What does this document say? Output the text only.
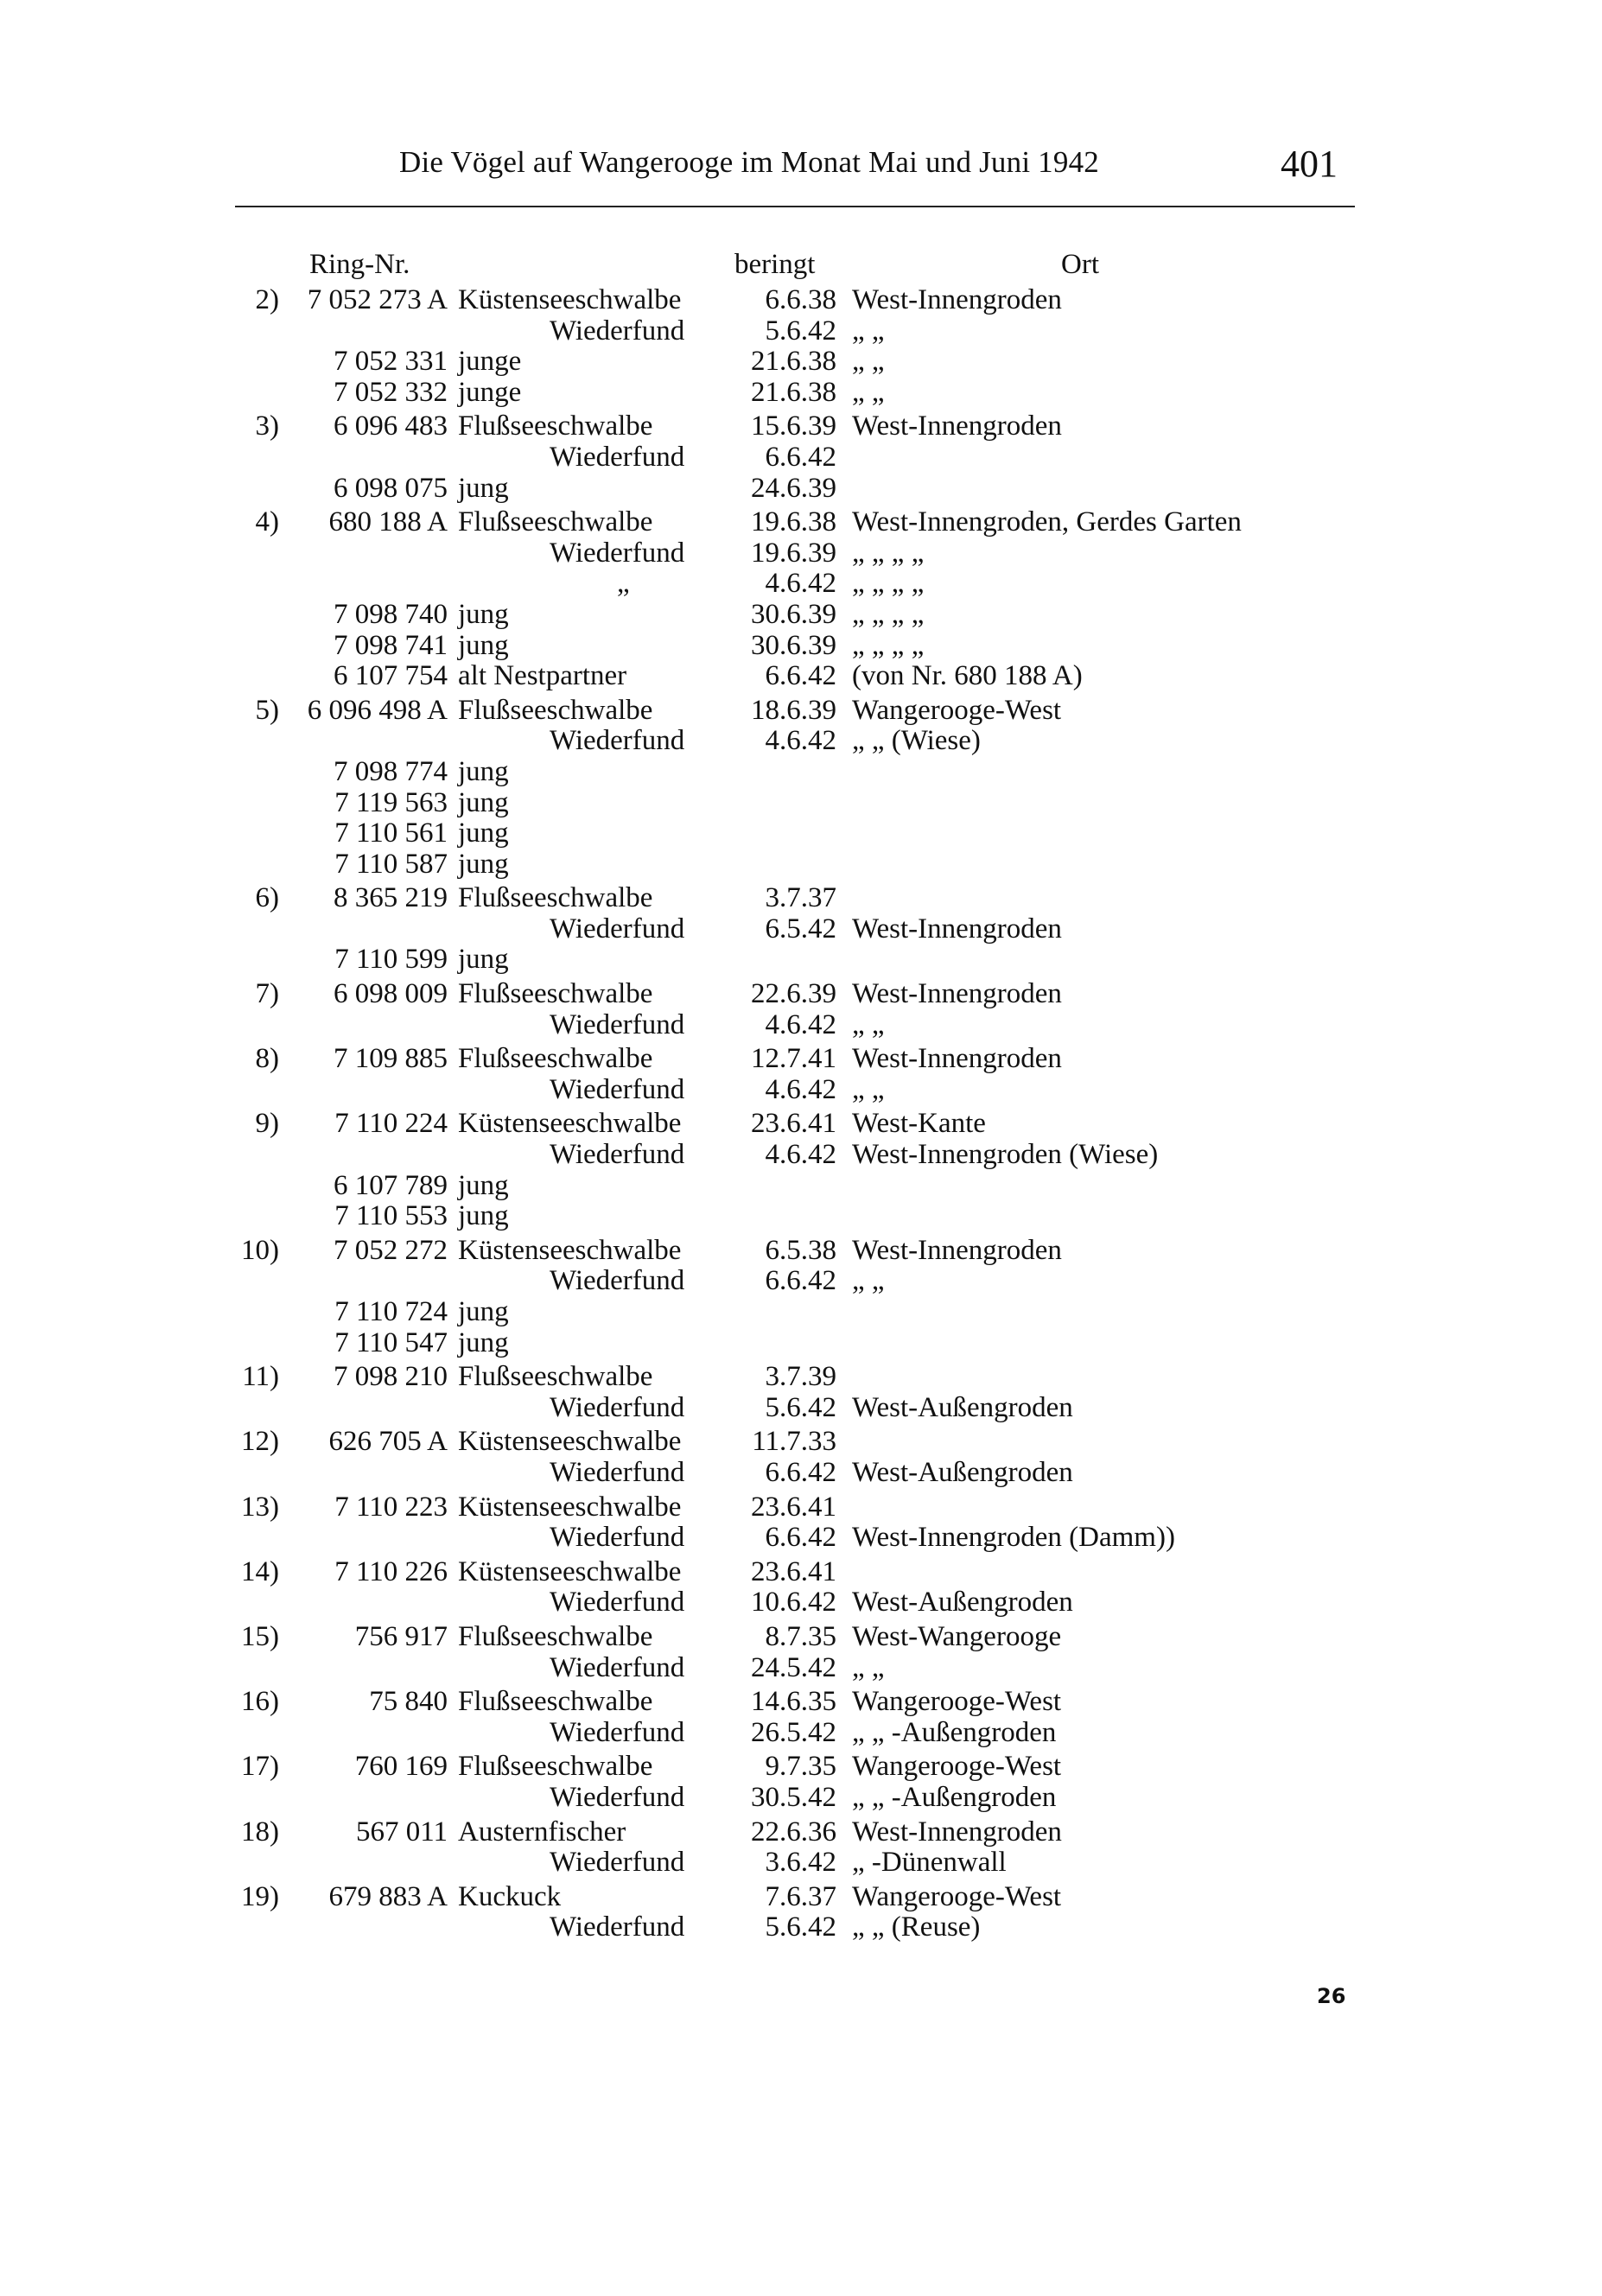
Die Vögel auf Wangerooge im Monat Mai und Juni 1942	401
Ring-Nr.	beringt	Ort
2) 7 052 273 A Küstenseeschwalbe	6.6.38 West-Innengroden
Wiederfund	5.6.42 „ „
7 052 331 junge	21.6.38 „ „
7 052 332 junge	21.6.38 „ „
3) 6 096 483 Flußseeschwalbe	15.6.39 West-Innengroden
Wiederfund	6.6.42
6 098 075 jung	24.6.39
4) 680 188 A Flußseeschwalbe	19.6.38 West-Innengroden, Gerdes Garten
Wiederfund 19.6.39 „ „ „ „
„	4.6.42 „ „ „ „
7 098 740 jung	30.6.39 „ „ „ „
7 098 741 jung	30.6.39 „ „ „ „
6 107 754 alt Nestpartner	6.6.42 (von Nr. 680 188 A)
5) 6 096 498 A Flußseeschwalbe	18.6.39 Wangerooge-West
Wiederfund	4.6.42 „ „ (Wiese)
7 098 774 jung
7 119 563 jung
7 110 561 jung
7 110 587 jung
6) 8 365 219 Flußseeschwalbe	3.7.37
Wiederfund	6.5.42 West-Innengroden
7 110 599 jung
7) 6 098 009 Flußseeschwalbe	22.6.39 West-Innengroden
Wiederfund	4.6.42 „ „
8) 7 109 885 Flußseeschwalbe	12.7.41 West-Innengroden
Wiederfund	4.6.42 „ „
9) 7 110 224 Küstenseeschwalbe 23.6.41 West-Kante
Wiederfund	4.6.42 West-Innengroden (Wiese)
6 107 789 jung
7 110 553 jung
10) 7 052 272 Küstenseeschwalbe	6.5.38 West-Innengroden
Wiederfund	6.6.42 „ „
7 110 724 jung
7 110 547 jung
11) 7 098 210 Flußseeschwalbe	3.7.39
Wiederfund	5.6.42 West-Außengroden
12) 626 705 A Küstenseeschwalbe 11.7.33
Wiederfund	6.6.42 West-Außengroden
13) 7 110 223 Küstenseeschwalbe 23.6.41
Wiederfund	6.6.42 West-Innengroden (Damm))
14) 7 110 226 Küstenseeschwalbe 23.6.41
Wiederfund 10.6.42 West-Außengroden
15)	756 917 Flußseeschwalbe	8.7.35 West-Wangerooge
Wiederfund 24.5.42 „ „
16)	75 840 Flußseeschwalbe	14.6.35 Wangerooge-West
Wiederfund 26.5.42 „ „ -Außengroden
17)	760 169 Flußseeschwalbe	9.7.35 Wangerooge-West
Wiederfund 30.5.42 „ „ -Außengroden
18)	567 011 Austernfischer	22.6.36 West-Innengroden
Wiederfund	3.6.42 „ -Dünenwall
19) 679 883 A Kuckuck	7.6.37 Wangerooge-West
Wiederfund	5.6.42 „ „ (Reuse)
26
